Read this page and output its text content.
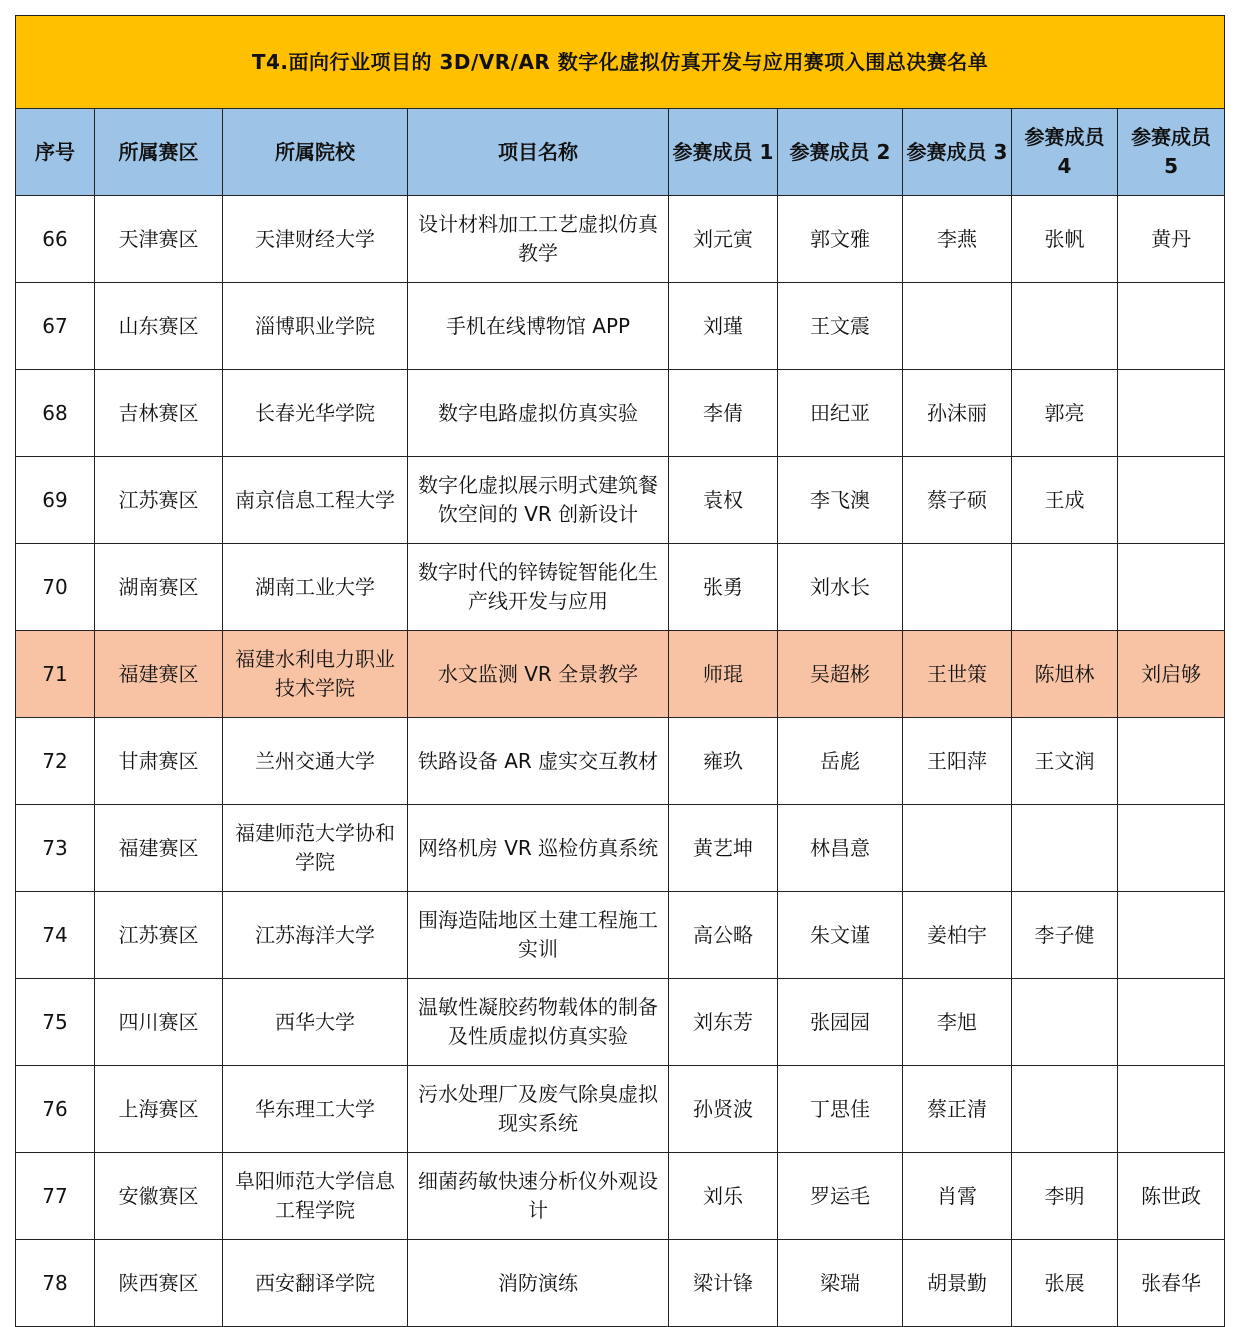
T4.面向行业项目的 3D/VR/AR 数字化虚拟仿真开发与应用赛项入围总决赛名单								
序号	所属赛区	所属院校	项目名称	参赛成员 1	参赛成员 2	参赛成员 3	参赛成员 4	参赛成员 5
66	天津赛区	天津财经大学	设计材料加工工艺虚拟仿真教学	刘元寅	郭文雅	李燕	张帆	黄丹
67	山东赛区	淄博职业学院	手机在线博物馆 APP	刘瑾	王文震			
68	吉林赛区	长春光华学院	数字电路虚拟仿真实验	李倩	田纪亚	孙沫丽	郭亮	
69	江苏赛区	南京信息工程大学	数字化虚拟展示明式建筑餐饮空间的 VR 创新设计	袁权	李飞澳	蔡子硕	王成	
70	湖南赛区	湖南工业大学	数字时代的锌铸锭智能化生产线开发与应用	张勇	刘水长			
71	福建赛区	福建水利电力职业技术学院	水文监测 VR 全景教学	师琨	吴超彬	王世策	陈旭林	刘启够
72	甘肃赛区	兰州交通大学	铁路设备 AR 虚实交互教材	雍玖	岳彪	王阳萍	王文润	
73	福建赛区	福建师范大学协和学院	网络机房 VR 巡检仿真系统	黄艺坤	林昌意			
74	江苏赛区	江苏海洋大学	围海造陆地区土建工程施工实训	高公略	朱文谨	姜柏宇	李子健	
75	四川赛区	西华大学	温敏性凝胶药物载体的制备及性质虚拟仿真实验	刘东芳	张园园	李旭		
76	上海赛区	华东理工大学	污水处理厂及废气除臭虚拟现实系统	孙贤波	丁思佳	蔡正清		
77	安徽赛区	阜阳师范大学信息工程学院	细菌药敏快速分析仪外观设计	刘乐	罗运毛	肖霄	李明	陈世政
78	陕西赛区	西安翻译学院	消防演练	梁计锋	梁瑞	胡景勤	张展	张春华
